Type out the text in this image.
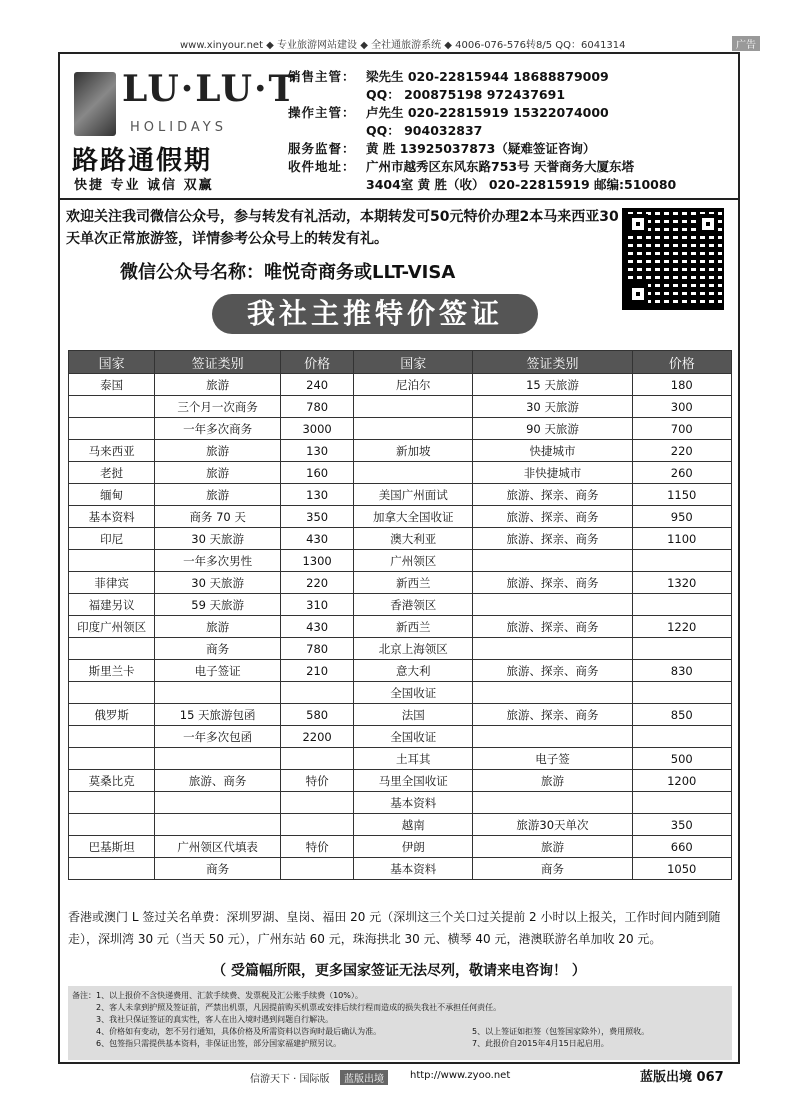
www.xinyour.net ◆ 专业旅游网站建设 ◆ 全社通旅游系统 ◆ 4006-076-576转8/5 QQ：6041314	广告
LU·LU·T
HOLIDAYS
路路通假期
快捷 专业 诚信 双赢
销售主管： 梁先生 020-22815944 18688879009
QQ： 200875198 972437691
操作主管： 卢先生 020-22815919 15322074000
QQ： 904032837
服务监督： 黄 胜 13925037873（疑难签证咨询）
收件地址： 广州市越秀区东风东路753号 天誉商务大厦东塔
3404室 黄 胜（收） 020-22815919 邮编:510080
欢迎关注我司微信公众号，参与转发有礼活动，本期转发可50元特价办理2本马来西亚30天单次正常旅游签，详情参考公众号上的转发有礼。
微信公众号名称：唯悦奇商务或LLT-VISA
我社主推特价签证
国家	签证类别	价格	国家	签证类别	价格
泰国	旅游	240	尼泊尔	15 天旅游	180
	三个月一次商务	780		30 天旅游	300
	一年多次商务	3000		90 天旅游	700
马来西亚	旅游	130	新加坡	快捷城市	220
老挝	旅游	160		非快捷城市	260
缅甸	旅游	130	美国广州面试	旅游、探亲、商务	1150
基本资料	商务 70 天	350	加拿大全国收证	旅游、探亲、商务	950
印尼	30 天旅游	430	澳大利亚	旅游、探亲、商务	1100
	一年多次男性	1300	广州领区		
菲律宾	30 天旅游	220	新西兰	旅游、探亲、商务	1320
福建另议	59 天旅游	310	香港领区		
印度广州领区	旅游	430	新西兰	旅游、探亲、商务	1220
	商务	780	北京上海领区		
斯里兰卡	电子签证	210	意大利	旅游、探亲、商务	830
			全国收证		
俄罗斯	15 天旅游包函	580	法国	旅游、探亲、商务	850
	一年多次包函	2200	全国收证		
			土耳其	电子签	500
莫桑比克	旅游、商务	特价	马里全国收证	旅游	1200
			基本资料		
			越南	旅游30天单次	350
巴基斯坦	广州领区代填表	特价	伊朗	旅游	660
	商务		基本资料	商务	1050
香港或澳门 L 签过关名单费：深圳罗湖、皇岗、福田 20 元（深圳这三个关口过关提前 2 小时以上报关，工作时间内随到随走），深圳湾 30 元（当天 50 元），广州东站 60 元，珠海拱北 30 元、横琴 40 元，港澳联游名单加收 20 元。
（ 受篇幅所限，更多国家签证无法尽列，敬请来电咨询！ ）
备注：1、以上报价不含快递费用、汇款手续费、发票税及汇公账手续费（10%）。
2、客人未拿到护照及签证前，严禁出机票，凡因提前购买机票或安排后续行程而造成的损失我社不承担任何责任。
3、我社只保证签证的真实性，客人在出入境时遇到问题自行解决。
4、价格如有变动，恕不另行通知，具体价格及所需资料以咨询时最后确认为准。	5、以上签证如拒签（包签国家除外），费用照收。
6、包签指只需提供基本资料，非保证出签，部分国家福建护照另议。	7、此报价自2015年4月15日起启用。
信游天下 · 国际版	蓝版出境	http://www.zyoo.net	蓝版出境 067
